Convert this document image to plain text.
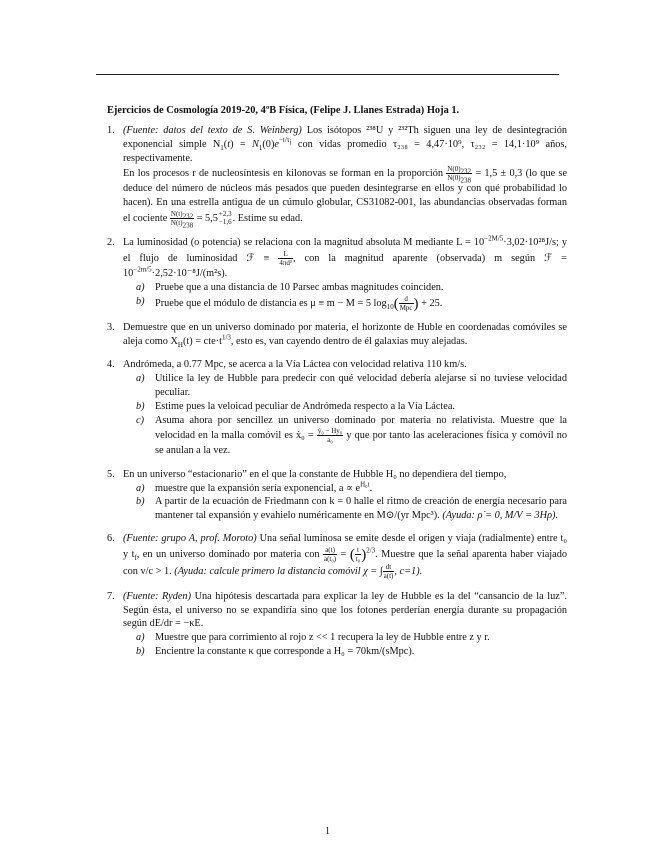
Ejercicios de Cosmología 2019-20, 4ºB Física, (Felipe J. Llanes Estrada) Hoja 1.
1. (Fuente: datos del texto de S. Weinberg) Los isótopos ²³⁸U y ²³²Th siguen una ley de desintegración exponencial simple $N_1(t) = N_1(0)e^{-t/\tau_i}$ con vidas promedio τ₂₃₈ = 4,47·10⁹, τ₂₃₂ = 14,1·10⁹ años, respectivamente.

En los procesos r de nucleosíntesis en kilonovas se forman en la proporción $\frac{N(0)_{232}}{N(0)_{238}} = 1,5 \pm 0,3$ (lo que se deduce del número de núcleos más pesados que pueden desintegrarse en ellos y con qué probabilidad lo hacen). En una estrella antigua de un cúmulo globular, CS31082-001, las abundancias observadas forman el cociente $\frac{N(t)_{232}}{N(t)_{238}} = 5,5 +2,3$
−1,6 . Estime su edad.

2. La luminosidad (o potencia) se relaciona con la magnitud absoluta M mediante $L = 10^{-2M/5}\cdot 3,02\cdot 10^{28}J/s$; y el flujo de luminosidad ℱ ≡ $\frac{L}{\text{4πd²}}$ , con la magnitud aparente (observada) m según ℱ = $10^{-2m/5}\cdot 2,52\cdot 10^{-8}J/(m^2s)$.

a) Pruebe que a una distancia de 10 Parsec ambas magnitudes coinciden.
b) Pruebe que el módulo de distancia es μ ≡ m − M = 5 $\log_{10}( \frac{d}{\text{Mpc}}$ ) + 25.
3. Demuestre que en un universo dominado por materia, el horizonte de Huble en coordenadas comóviles se aleja como $X_H(t) = cte\cdot t^{1/3}$, esto es, van cayendo dentro de él galaxias muy alejadas.

4. Andrómeda, a 0.77 Mpc, se acerca a la Vía Láctea con velocidad relativa 110 km/s.

a) Utilice la ley de Hubble para predecir con qué velocidad debería alejarse si no tuviese velocidad peculiar.
b) Estime pues la veloicad peculiar de Andrómeda respecto a la Vía Láctea.
c) Asuma ahora por sencillez un universo dominado por materia no relativista. Muestre que la velocidad en la malla comóvil es ẋ₀ = $\frac{\text{ẏ₀ − Hy₀}}{\text{a₀}}$ y que por tanto las aceleraciones física y comóvil no se anulan a la vez.
5. En un universo “estacionario” en el que la constante de Hubble H₀ no dependiera del tiempo,

a) muestre que la expansión sería exponencial, $a \propto e^{H_0t}$.
b) A partir de la ecuación de Friedmann con k = 0 halle el ritmo de creación de energía necesario para mantener tal expansión y evahielo numéricamente en M⊙/(yr Mpc³). (Ayuda: ρ̇ = 0, M/V = 3Hρ).
6. (Fuente: grupo A, prof. Moroto) Una señal luminosa se emite desde el origen y viaja (radialmente) entre t₀ y $t_f$, en un universo dominado por materia con $\frac{a(t)}{\text{a(t₀)}}$ = ( $\frac{t}{\text{t₀}} )^{2/3}$. Muestre que la señal aparenta haber viajado con v/c > 1. (Ayuda: calcule primero la distancia comóvil χ = ∫ $\frac{dt}{a(t)}$ , c=1).

7. (Fuente: Ryden) Una hipótesis descartada para explicar la ley de Hubble es la del “cansancio de la luz”. Según ésta, el universo no se expandiría sino que los fotones perderían energía durante su propagación según dE/dr = −κE.

a) Muestre que para corrimiento al rojo z << 1 recupera la ley de Hubble entre z y r.
b) Encientre la constante κ que corresponde a H₀ = 70km/(sMpc).
1
